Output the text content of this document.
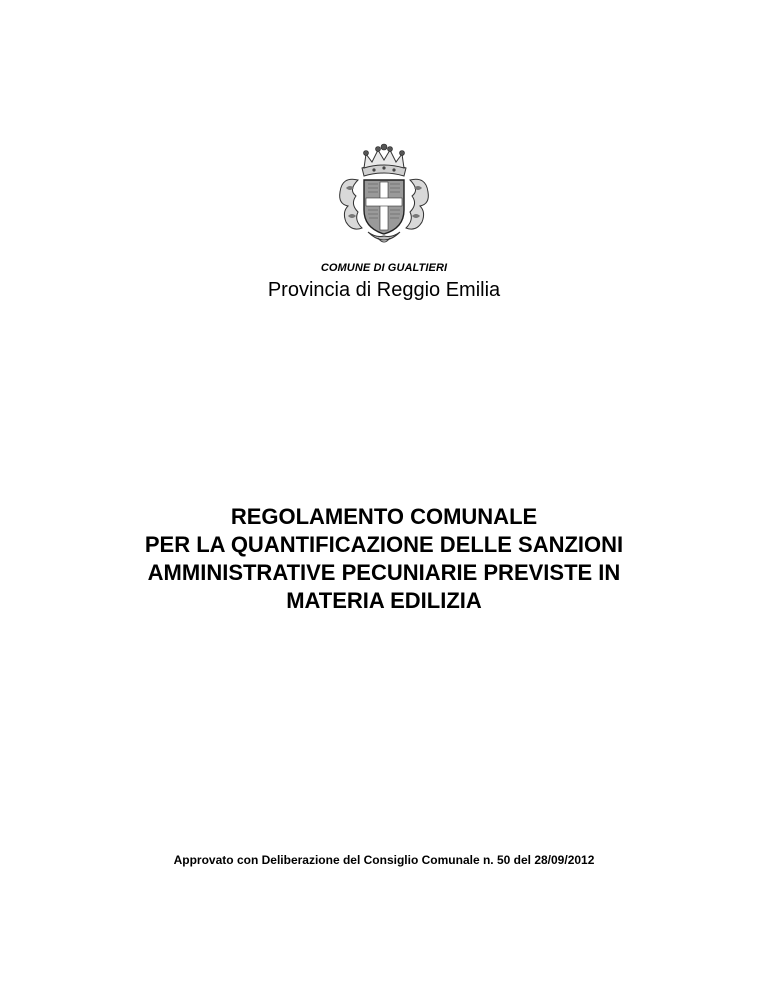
COMUNE DI GUALTIERI
Provincia di Reggio Emilia
REGOLAMENTO COMUNALE
PER LA QUANTIFICAZIONE DELLE SANZIONI
AMMINISTRATIVE PECUNIARIE PREVISTE IN
MATERIA EDILIZIA
Approvato con Deliberazione del Consiglio Comunale n. 50 del 28/09/2012
